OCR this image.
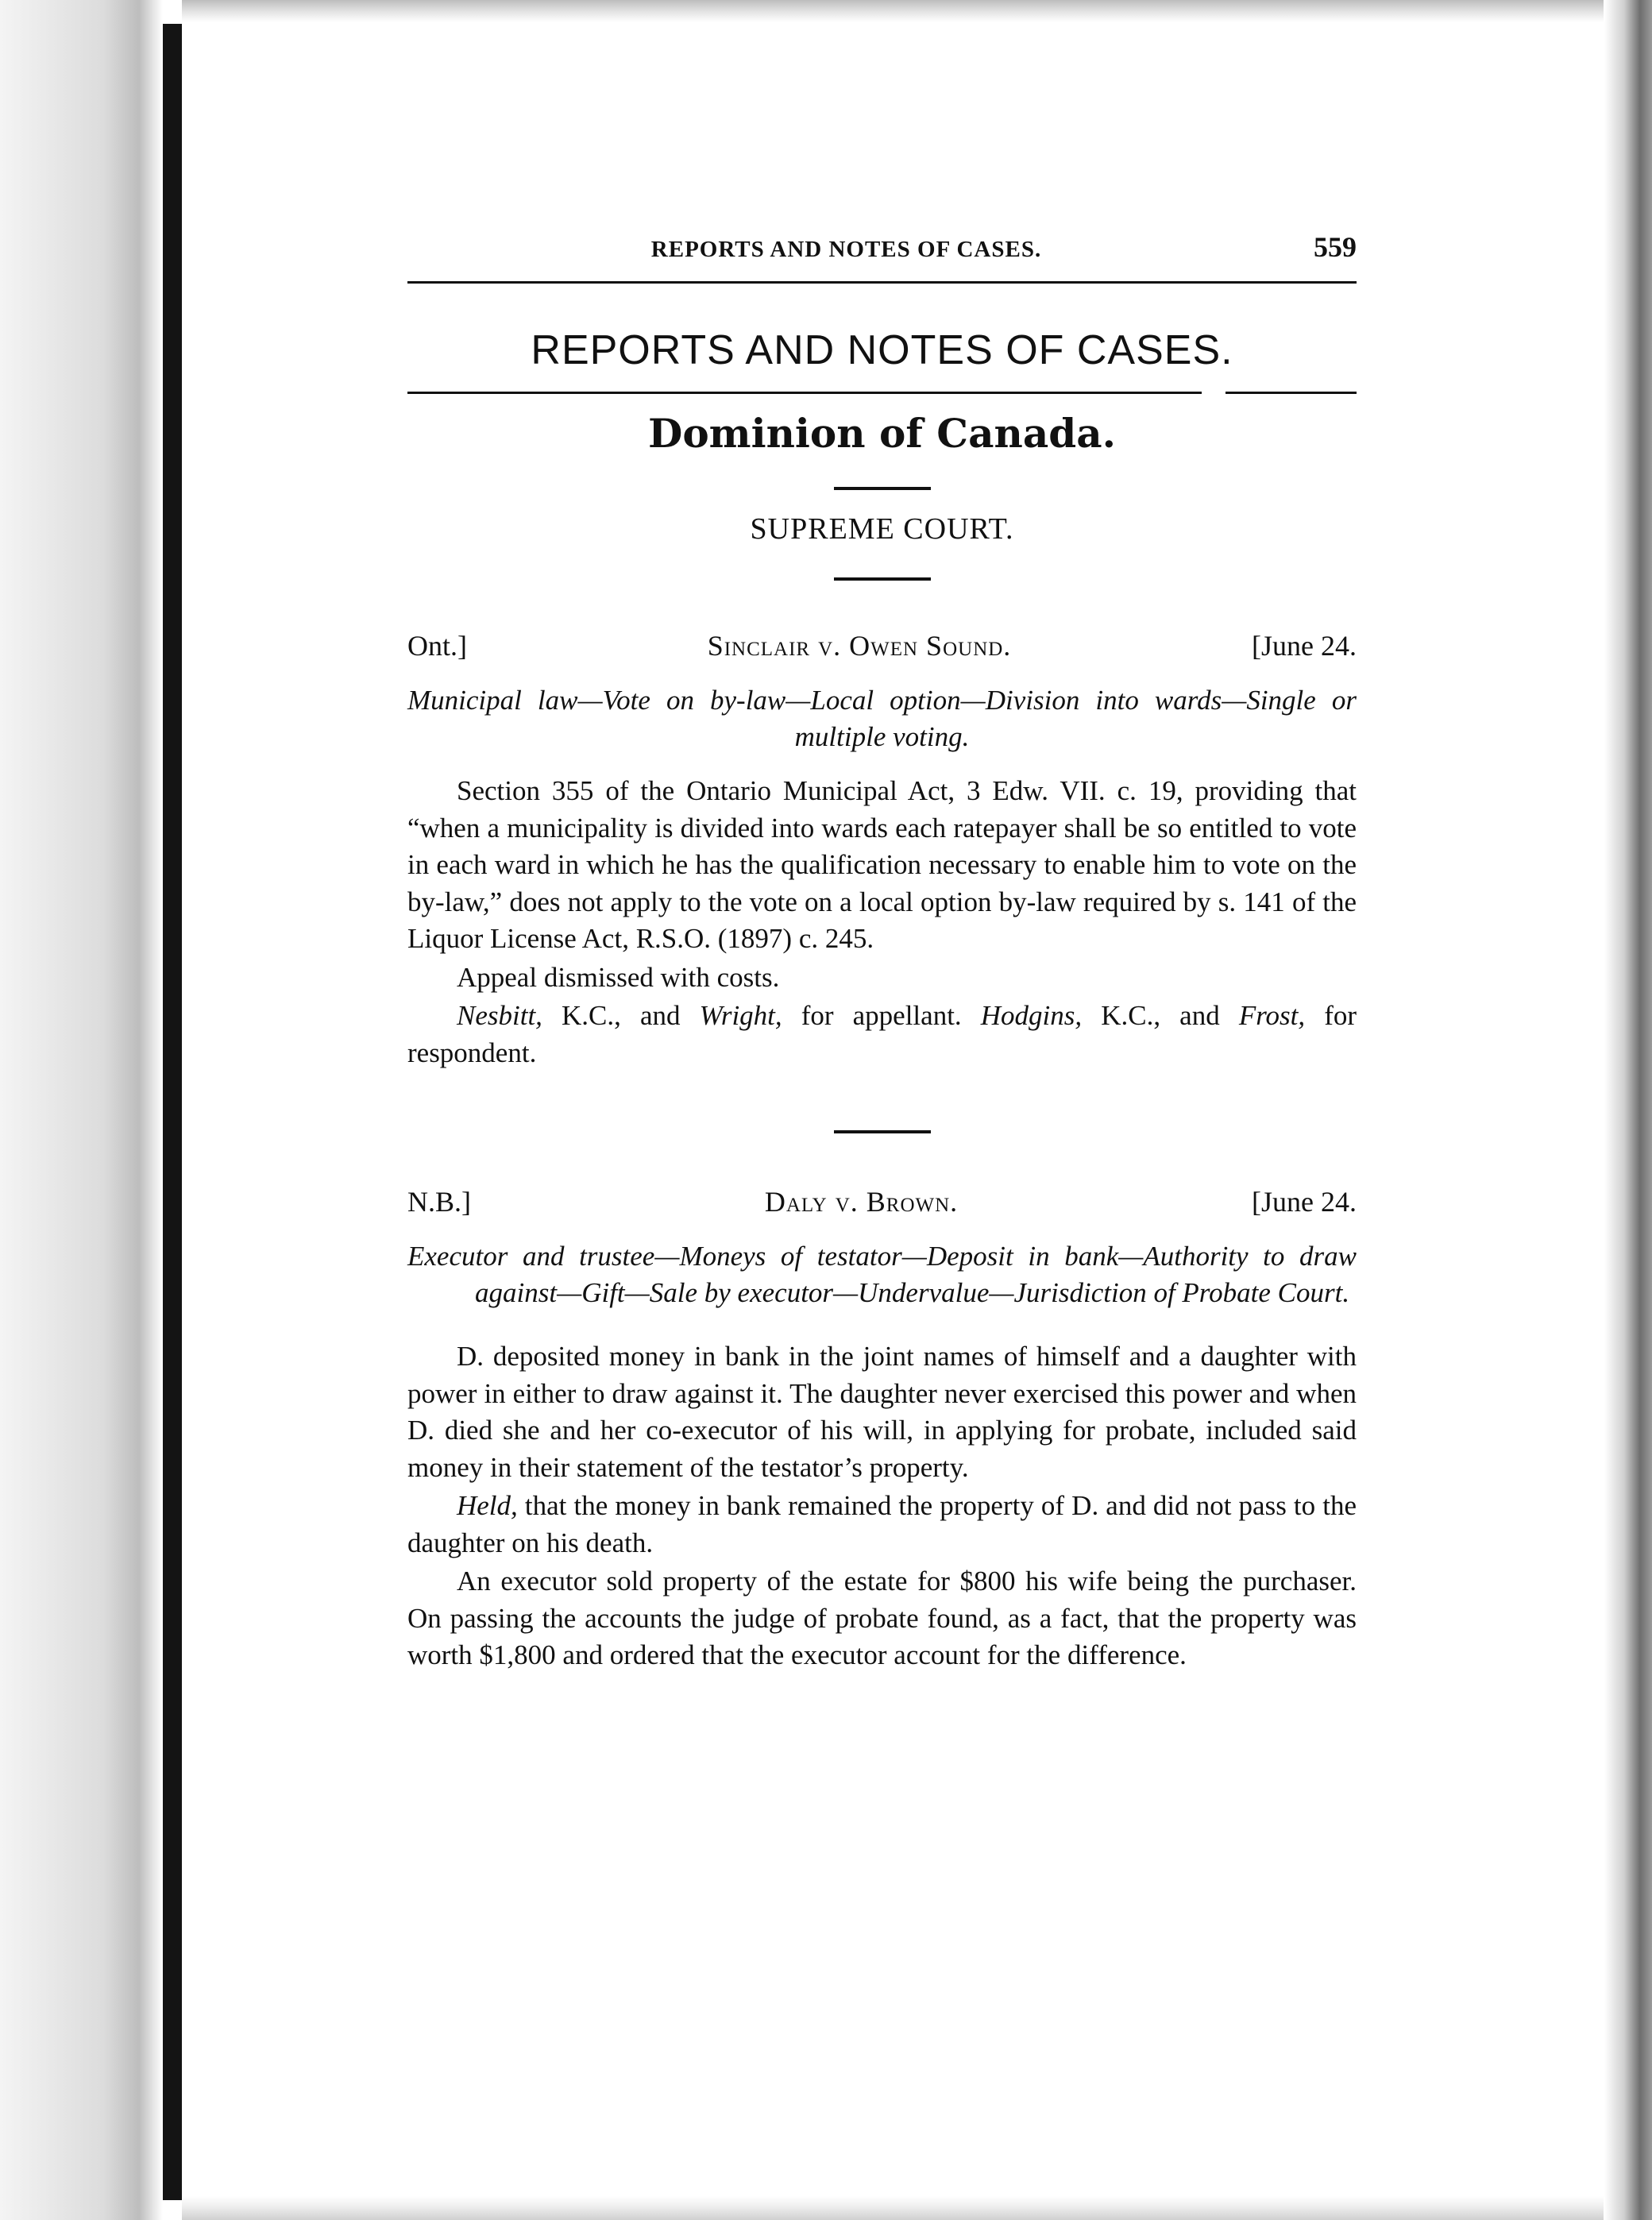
REPORTS AND NOTES OF CASES.	559
REPORTS AND NOTES OF CASES.
Dominion of Canada.
SUPREME COURT.
Ont.]	Sinclair v. Owen Sound.	[June 24.
Municipal law—Vote on by-law—Local option—Division into wards—Single or multiple voting.

Section 355 of the Ontario Municipal Act, 3 Edw. VII. c. 19, providing that “when a municipality is divided into wards each ratepayer shall be so entitled to vote in each ward in which he has the qualification necessary to enable him to vote on the by-law,” does not apply to the vote on a local option by-law required by s. 141 of the Liquor License Act, R.S.O. (1897) c. 245.

Appeal dismissed with costs.

Nesbitt, K.C., and Wright, for appellant. Hodgins, K.C., and Frost, for respondent.

N.B.]	Daly v. Brown.	[June 24.
Executor and trustee—Moneys of testator—Deposit in bank—Authority to draw against—Gift—Sale by executor—Undervalue—Jurisdiction of Probate Court.

D. deposited money in bank in the joint names of himself and a daughter with power in either to draw against it. The daughter never exercised this power and when D. died she and her co-executor of his will, in applying for probate, included said money in their statement of the testator’s property.

Held, that the money in bank remained the property of D. and did not pass to the daughter on his death.

An executor sold property of the estate for $800 his wife being the purchaser. On passing the accounts the judge of probate found, as a fact, that the property was worth $1,800 and ordered that the executor account for the difference.
